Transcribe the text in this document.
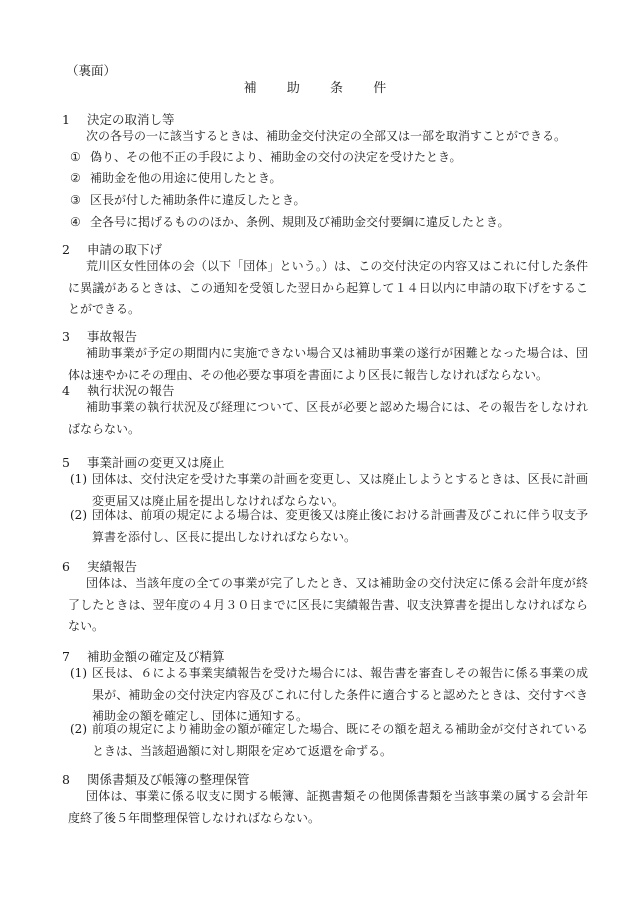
（裏面）
補 助 条 件
1 決定の取消し等
次の各号の一に該当するときは、補助金交付決定の全部又は一部を取消すことができる。
① 偽り、その他不正の手段により、補助金の交付の決定を受けたとき。
② 補助金を他の用途に使用したとき。
③ 区長が付した補助条件に違反したとき。
④ 全各号に掲げるもののほか、条例、規則及び補助金交付要綱に違反したとき。
2 申請の取下げ
荒川区女性団体の会（以下「団体」という。）は、この交付決定の内容又はこれに付した条件に異議があるときは、この通知を受領した翌日から起算して１４日以内に申請の取下げをすることができる。
3 事故報告
補助事業が予定の期間内に実施できない場合又は補助事業の遂行が困難となった場合は、団体は速やかにその理由、その他必要な事項を書面により区長に報告しなければならない。
4 執行状況の報告
補助事業の執行状況及び経理について、区長が必要と認めた場合には、その報告をしなければならない。
5 事業計画の変更又は廃止
(1) 団体は、交付決定を受けた事業の計画を変更し、又は廃止しようとするときは、区長に計画変更届又は廃止届を提出しなければならない。
(2) 団体は、前項の規定による場合は、変更後又は廃止後における計画書及びこれに伴う収支予算書を添付し、区長に提出しなければならない。
6 実績報告
団体は、当該年度の全ての事業が完了したとき、又は補助金の交付決定に係る会計年度が終了したときは、翌年度の４月３０日までに区長に実績報告書、収支決算書を提出しなければならない。
7 補助金額の確定及び精算
(1) 区長は、６による事業実績報告を受けた場合には、報告書を審査しその報告に係る事業の成果が、補助金の交付決定内容及びこれに付した条件に適合すると認めたときは、交付すべき補助金の額を確定し、団体に通知する。
(2) 前項の規定により補助金の額が確定した場合、既にその額を超える補助金が交付されているときは、当該超過額に対し期限を定めて返還を命ずる。
8 関係書類及び帳簿の整理保管
団体は、事業に係る収支に関する帳簿、証拠書類その他関係書類を当該事業の属する会計年度終了後５年間整理保管しなければならない。
